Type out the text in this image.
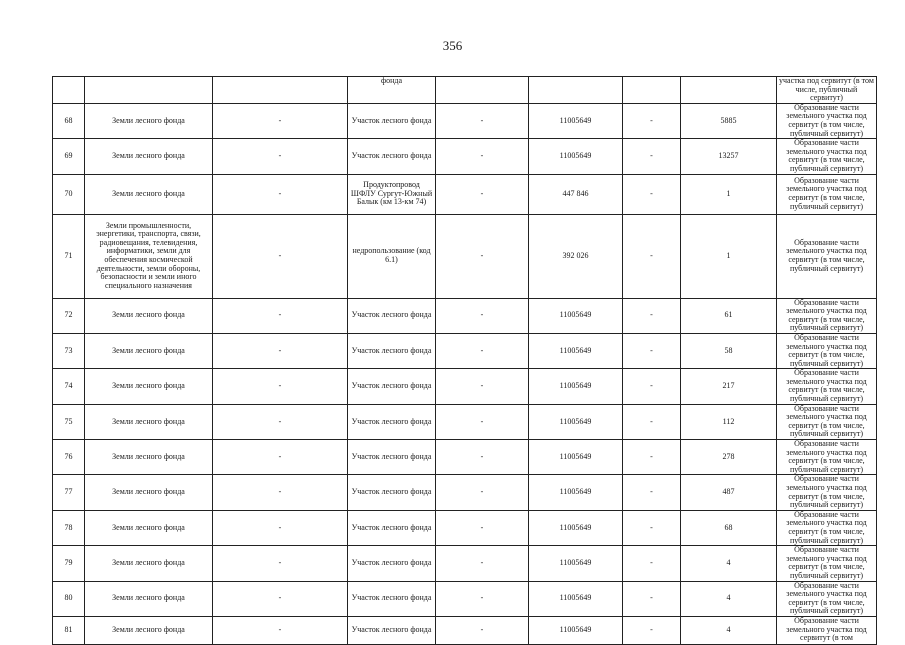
356
			фонда					участка под сервитут (в том числе, публичный сервитут)
68	Земли лесного фонда	-	Участок лесного фонда	-	11005649	-	5885	Образование части земельного участка под сервитут (в том числе, публичный сервитут)
69	Земли лесного фонда	-	Участок лесного фонда	-	11005649	-	13257	Образование части земельного участка под сервитут (в том числе, публичный сервитут)
70	Земли лесного фонда	-	Продуктопровод ШФЛУ Сургут-Южный Балык (км 13-км 74)	-	447 846	-	1	Образование части земельного участка под сервитут (в том числе, публичный сервитут)
71	Земли промышленности, энергетики, транспорта, связи, радиовещания, телевидения, информатики, земли для обеспечения космической деятельности, земли обороны, безопасности и земли иного специального назначения	-	недропользование (код 6.1)	-	392 026	-	1	Образование части земельного участка под сервитут (в том числе, публичный сервитут)
72	Земли лесного фонда	-	Участок лесного фонда	-	11005649	-	61	Образование части земельного участка под сервитут (в том числе, публичный сервитут)
73	Земли лесного фонда	-	Участок лесного фонда	-	11005649	-	58	Образование части земельного участка под сервитут (в том числе, публичный сервитут)
74	Земли лесного фонда	-	Участок лесного фонда	-	11005649	-	217	Образование части земельного участка под сервитут (в том числе, публичный сервитут)
75	Земли лесного фонда	-	Участок лесного фонда	-	11005649	-	112	Образование части земельного участка под сервитут (в том числе, публичный сервитут)
76	Земли лесного фонда	-	Участок лесного фонда	-	11005649	-	278	Образование части земельного участка под сервитут (в том числе, публичный сервитут)
77	Земли лесного фонда	-	Участок лесного фонда	-	11005649	-	487	Образование части земельного участка под сервитут (в том числе, публичный сервитут)
78	Земли лесного фонда	-	Участок лесного фонда	-	11005649	-	68	Образование части земельного участка под сервитут (в том числе, публичный сервитут)
79	Земли лесного фонда	-	Участок лесного фонда	-	11005649	-	4	Образование части земельного участка под сервитут (в том числе, публичный сервитут)
80	Земли лесного фонда	-	Участок лесного фонда	-	11005649	-	4	Образование части земельного участка под сервитут (в том числе, публичный сервитут)
81	Земли лесного фонда	-	Участок лесного фонда	-	11005649	-	4	Образование части земельного участка под сервитут (в том
